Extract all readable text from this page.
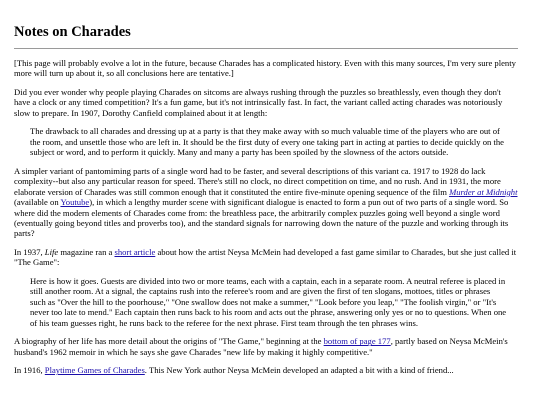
Notes on Charades

[This page will probably evolve a lot in the future, because Charades has a complicated history. Even with this many sources, I'm very sure plenty more will turn up about it, so all conclusions here are tentative.]

Did you ever wonder why people playing Charades on sitcoms are always rushing through the puzzles so breathlessly, even though they don't have a clock or any timed competition? It's a fun game, but it's not intrinsically fast. In fact, the variant called acting charades was notoriously slow to prepare. In 1907, Dorothy Canfield complained about it at length:

The drawback to all charades and dressing up at a party is that they make away with so much valuable time of the players who are out of the room, and unsettle those who are left in. It should be the first duty of every one taking part in acting at parties to decide quickly on the subject or word, and to perform it quickly. Many and many a party has been spoiled by the slowness of the actors outside.

A simpler variant of pantomiming parts of a single word had to be faster, and several descriptions of this variant ca. 1917 to 1928 do lack complexity--but also any particular reason for speed. There's still no clock, no direct competition on time, and no rush. And in 1931, the more elaborate version of Charades was still common enough that it constituted the entire five-minute opening sequence of the film Murder at Midnight (available on Youtube), in which a lengthy murder scene with significant dialogue is enacted to form a pun out of two parts of a single word. So where did the modern elements of Charades come from: the breathless pace, the arbitrarily complex puzzles going well beyond a single word (eventually going beyond titles and proverbs too), and the standard signals for narrowing down the nature of the puzzle and working through its parts?

In 1937, Life magazine ran a short article about how the artist Neysa McMein had developed a fast game similar to Charades, but she just called it "The Game":

Here is how it goes. Guests are divided into two or more teams, each with a captain, each in a separate room. A neutral referee is placed in still another room. At a signal, the captains rush into the referee's room and are given the first of ten slogans, mottoes, titles or phrases such as "Over the hill to the poorhouse," "One swallow does not make a summer," "Look before you leap," "The foolish virgin," or "It's never too late to mend." Each captain then runs back to his room and acts out the phrase, answering only yes or no to questions. When one of his team guesses right, he runs back to the referee for the next phrase. First team through the ten phrases wins.

A biography of her life has more detail about the origins of "The Game," beginning at the bottom of page 177, partly based on Neysa McMein's husband's 1962 memoir in which he says she gave Charades "new life by making it highly competitive."

In 1916, Playtime Games of Charades. This New York author Neysa McMein developed an adapted a bit with a kind of friend...
